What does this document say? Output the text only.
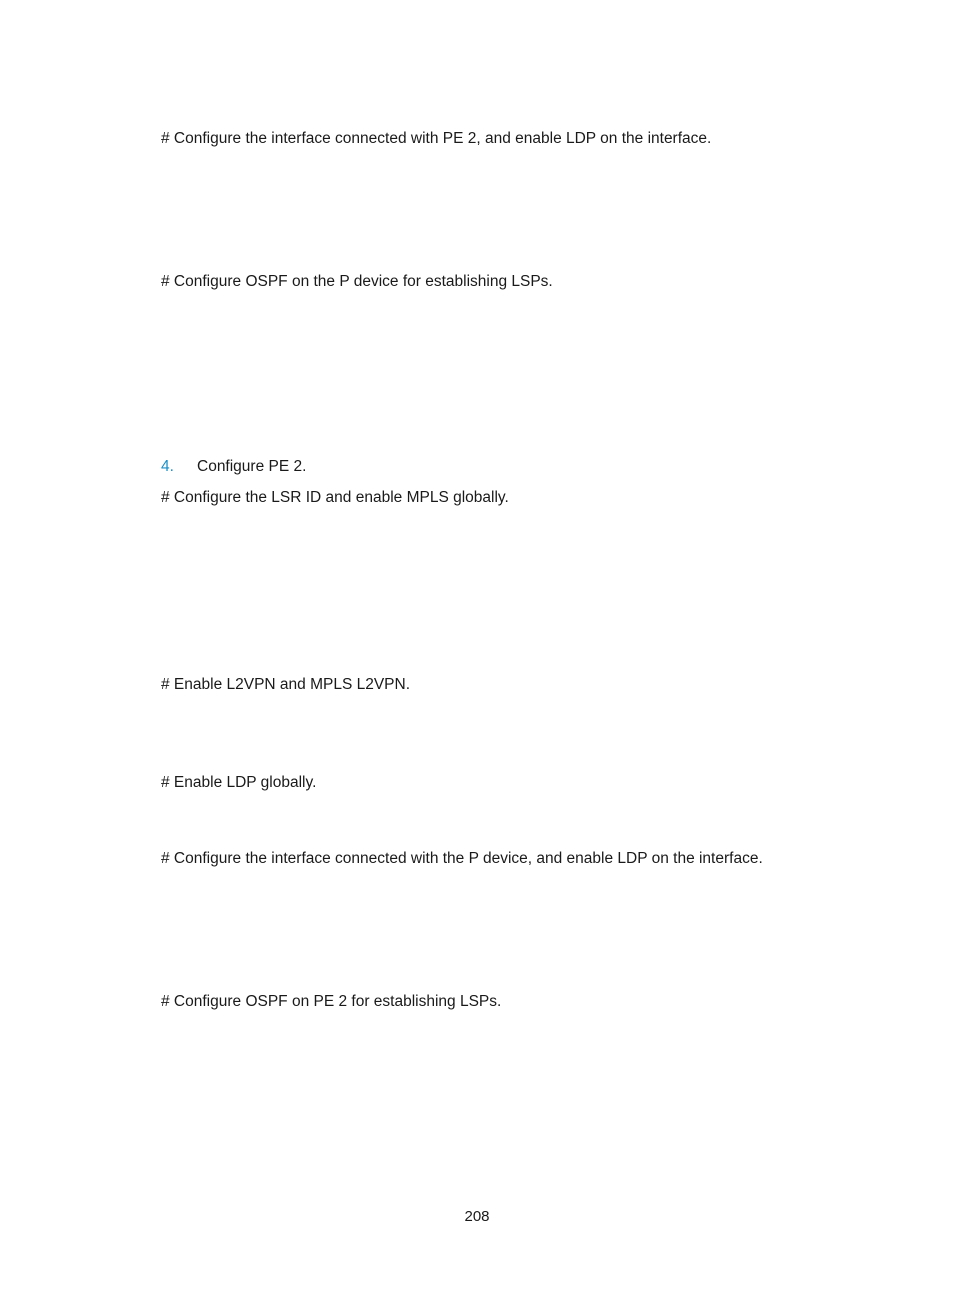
# Configure the interface connected with PE 2, and enable LDP on the interface.
# Configure OSPF on the P device for establishing LSPs.
4. Configure PE 2.
# Configure the LSR ID and enable MPLS globally.
# Enable L2VPN and MPLS L2VPN.
# Enable LDP globally.
# Configure the interface connected with the P device, and enable LDP on the interface.
# Configure OSPF on PE 2 for establishing LSPs.
208
